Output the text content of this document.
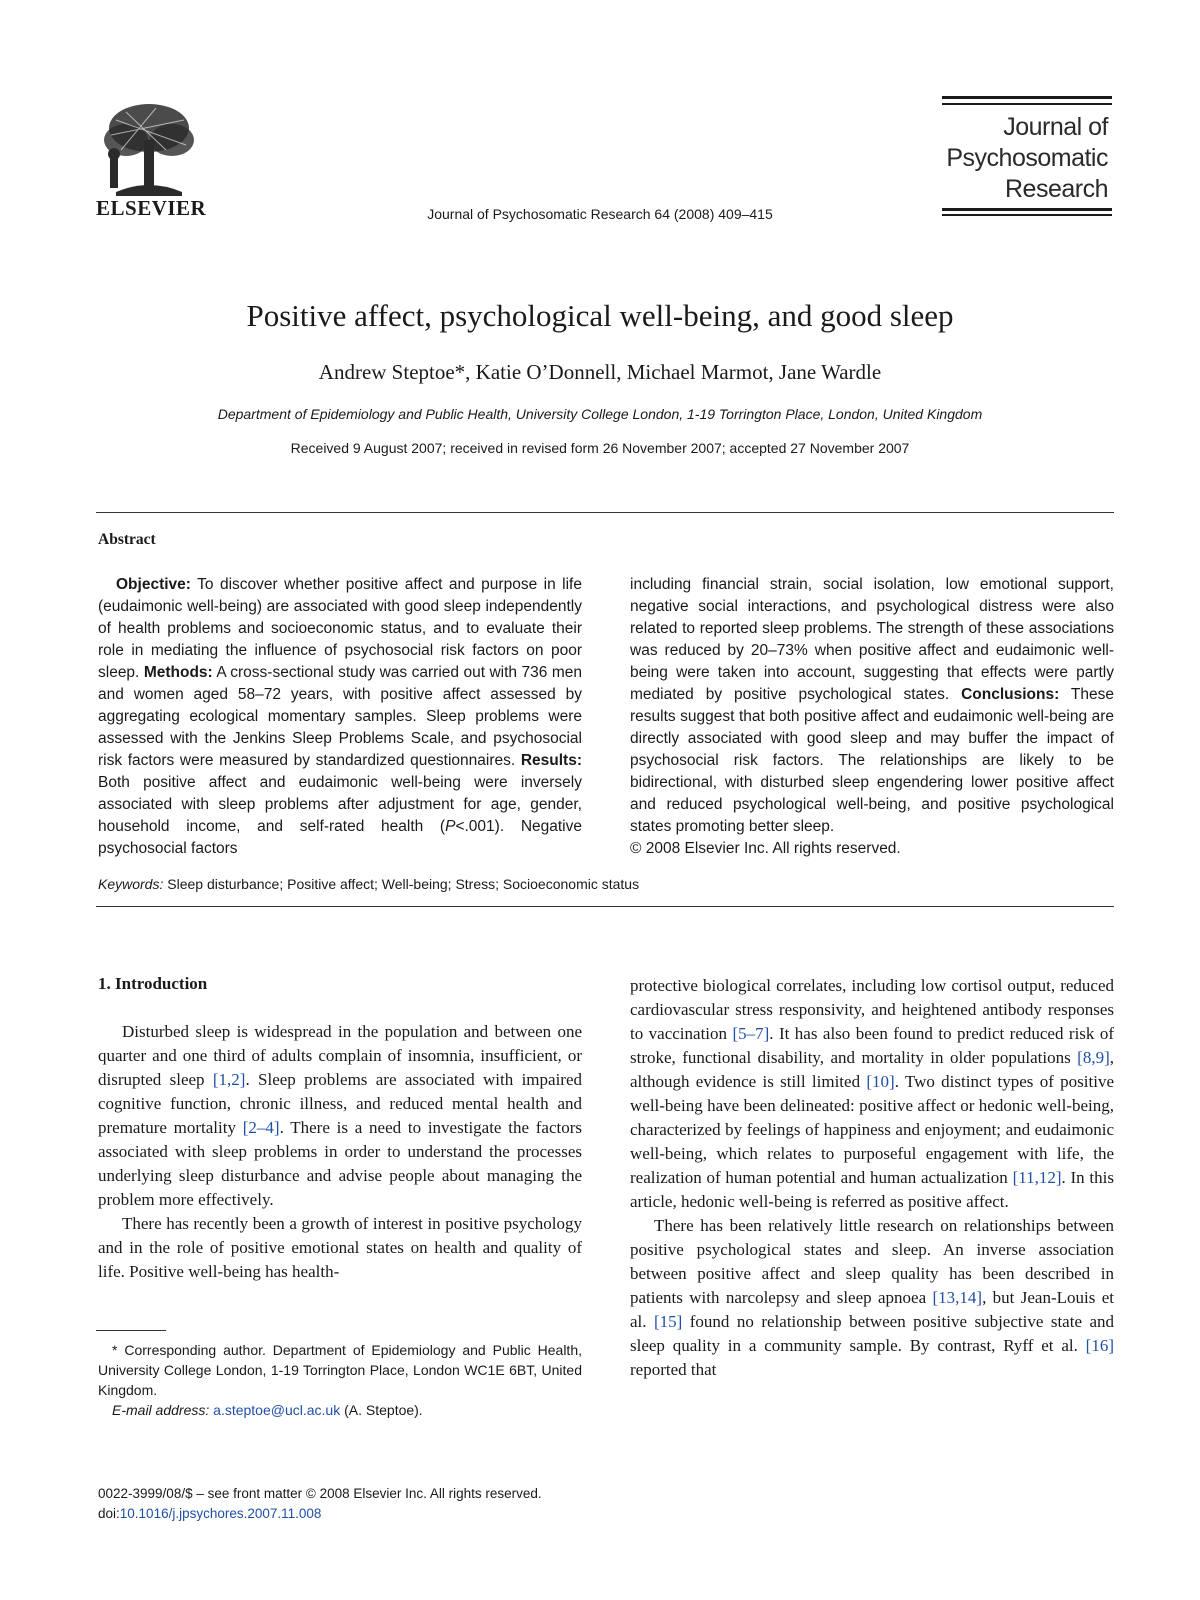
ELSEVIER	Journal of Psychosomatic Research 64 (2008) 409–415
Journal of
Psychosomatic
Research
Positive affect, psychological well-being, and good sleep
Andrew Steptoe*, Katie O’Donnell, Michael Marmot, Jane Wardle
Department of Epidemiology and Public Health, University College London, 1-19 Torrington Place, London, United Kingdom
Received 9 August 2007; received in revised form 26 November 2007; accepted 27 November 2007
Abstract
Objective: To discover whether positive affect and purpose in life (eudaimonic well-being) are associated with good sleep independently of health problems and socioeconomic status, and to evaluate their role in mediating the influence of psychosocial risk factors on poor sleep. Methods: A cross-sectional study was carried out with 736 men and women aged 58–72 years, with positive affect assessed by aggregating ecological momentary samples. Sleep problems were assessed with the Jenkins Sleep Problems Scale, and psychosocial risk factors were measured by standardized questionnaires. Results: Both positive affect and eudaimonic well-being were inversely associated with sleep problems after adjustment for age, gender, household income, and self-rated health (P<.001). Negative psychosocial factors
including financial strain, social isolation, low emotional support, negative social interactions, and psychological distress were also related to reported sleep problems. The strength of these associations was reduced by 20–73% when positive affect and eudaimonic well-being were taken into account, suggesting that effects were partly mediated by positive psychological states. Conclusions: These results suggest that both positive affect and eudaimonic well-being are directly associated with good sleep and may buffer the impact of psychosocial risk factors. The relationships are likely to be bidirectional, with disturbed sleep engendering lower positive affect and reduced psychological well-being, and positive psychological states promoting better sleep.
© 2008 Elsevier Inc. All rights reserved.
Keywords: Sleep disturbance; Positive affect; Well-being; Stress; Socioeconomic status
1. Introduction

Disturbed sleep is widespread in the population and between one quarter and one third of adults complain of insomnia, insufficient, or disrupted sleep [1,2]. Sleep problems are associated with impaired cognitive function, chronic illness, and reduced mental health and premature mortality [2–4]. There is a need to investigate the factors associated with sleep problems in order to understand the processes underlying sleep disturbance and advise people about managing the problem more effectively.

There has recently been a growth of interest in positive psychology and in the role of positive emotional states on health and quality of life. Positive well-being has health-

protective biological correlates, including low cortisol output, reduced cardiovascular stress responsivity, and heightened antibody responses to vaccination [5–7]. It has also been found to predict reduced risk of stroke, functional disability, and mortality in older populations [8,9], although evidence is still limited [10]. Two distinct types of positive well-being have been delineated: positive affect or hedonic well-being, characterized by feelings of happiness and enjoyment; and eudaimonic well-being, which relates to purposeful engagement with life, the realization of human potential and human actualization [11,12]. In this article, hedonic well-being is referred as positive affect.

There has been relatively little research on relationships between positive psychological states and sleep. An inverse association between positive affect and sleep quality has been described in patients with narcolepsy and sleep apnoea [13,14], but Jean-Louis et al. [15] found no relationship between positive subjective state and sleep quality in a community sample. By contrast, Ryff et al. [16] reported that

* Corresponding author. Department of Epidemiology and Public Health, University College London, 1-19 Torrington Place, London WC1E 6BT, United Kingdom.
E-mail address: a.steptoe@ucl.ac.uk (A. Steptoe).
0022-3999/08/$ – see front matter © 2008 Elsevier Inc. All rights reserved.
doi:10.1016/j.jpsychores.2007.11.008
